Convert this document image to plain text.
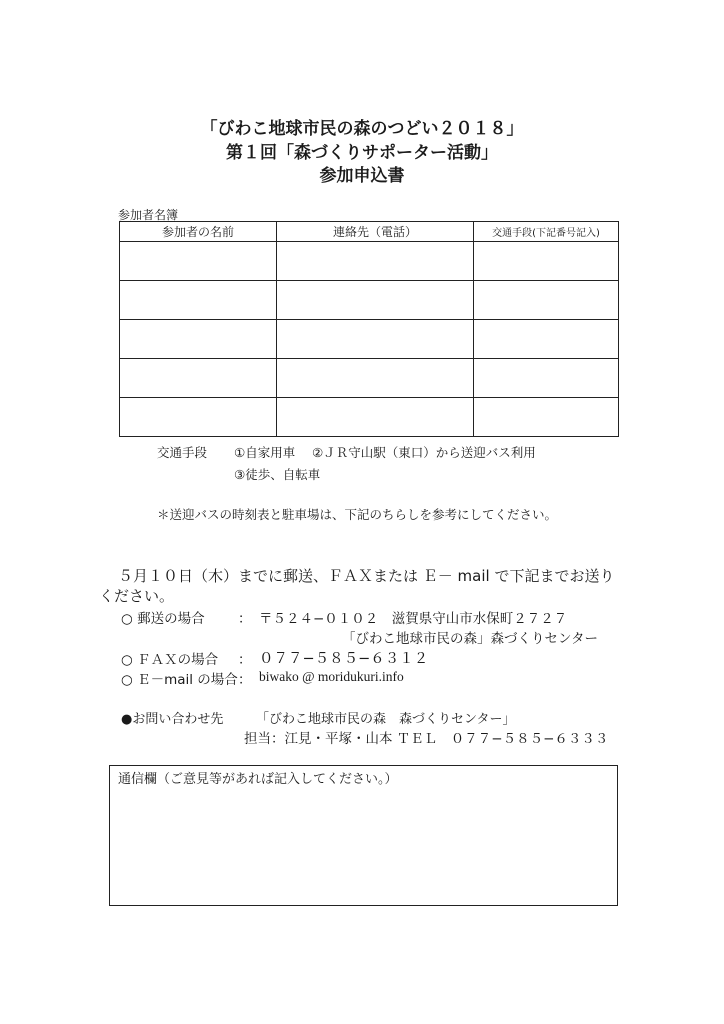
「びわこ地球市民の森のつどい２０１８」
第１回「森づくりサポーター活動」
参加申込書
参加者名簿
参加者の名前	連絡先（電話）	交通手段(下記番号記入)

交通手段 ①自家用車 ②ＪＲ守山駅（東口）から送迎バス利用
③徒歩、自転車
＊送迎バスの時刻表と駐車場は、下記のちらしを参考にしてください。
５月１０日（木）までに郵送、ＦＡＸまたは Ｅ－ mail で下記までお送り
ください。
○ 郵送の場合 ： 〒５２４−０１０２　滋賀県守山市水保町２７２７
「びわこ地球市民の森」森づくりセンター
○ ＦＡＸの場合 ： ０７７−５８５−６３１２
○ Ｅ－mail の場合 ： biwako @ moridukuri.info
●お問い合わせ先	「びわこ地球市民の森　森づくりセンター」
担当：江見・平塚・山本 ＴＥＬ　０７７−５８５−６３３３
通信欄（ご意見等があれば記入してください。）
